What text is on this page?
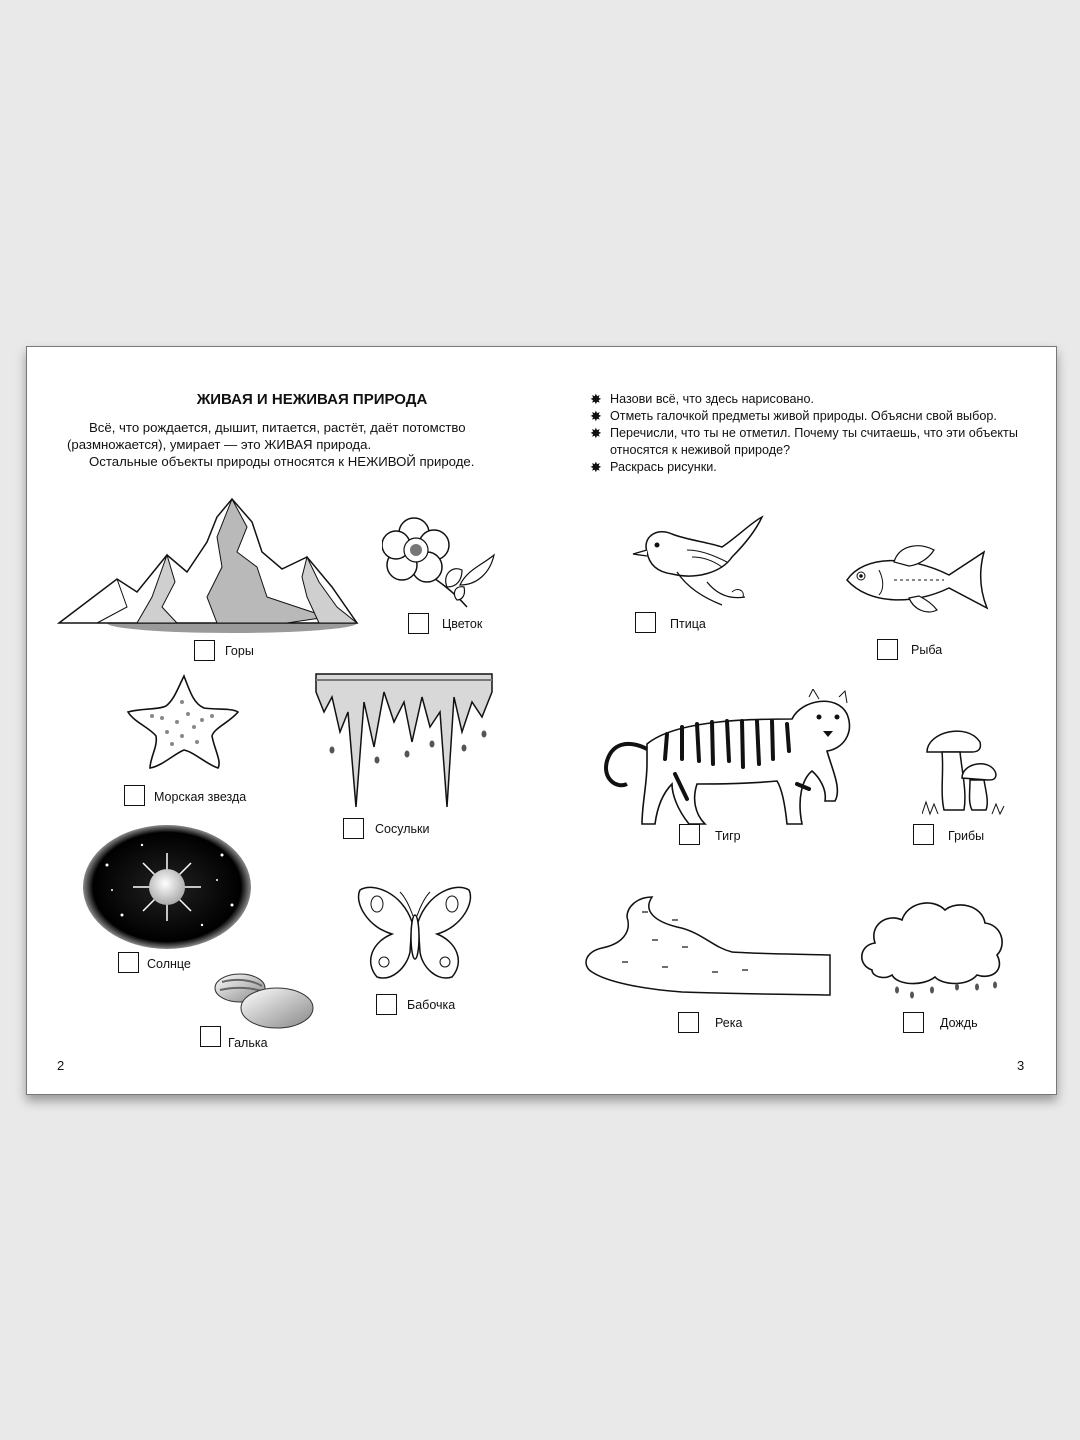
ЖИВАЯ И НЕЖИВАЯ ПРИРОДА

Всё, что рождается, дышит, питается, растёт, даёт потомство (размножается), умирает — это ЖИВАЯ природа.

Остальные объекты природы относятся к НЕЖИВОЙ природе.

Горы
Цветок
Морская звезда
Сосульки
Солнце
Бабочка
Галька
2
✸ Назови всё, что здесь нарисовано.
✸ Отметь галочкой предметы живой природы. Объясни свой выбор.
✸ Перечисли, что ты не отметил. Почему ты считаешь, что эти объекты относятся к неживой природе?
✸ Раскрась рисунки.
Птица
Рыба
Тигр	Грибы
Река	Дождь
3
